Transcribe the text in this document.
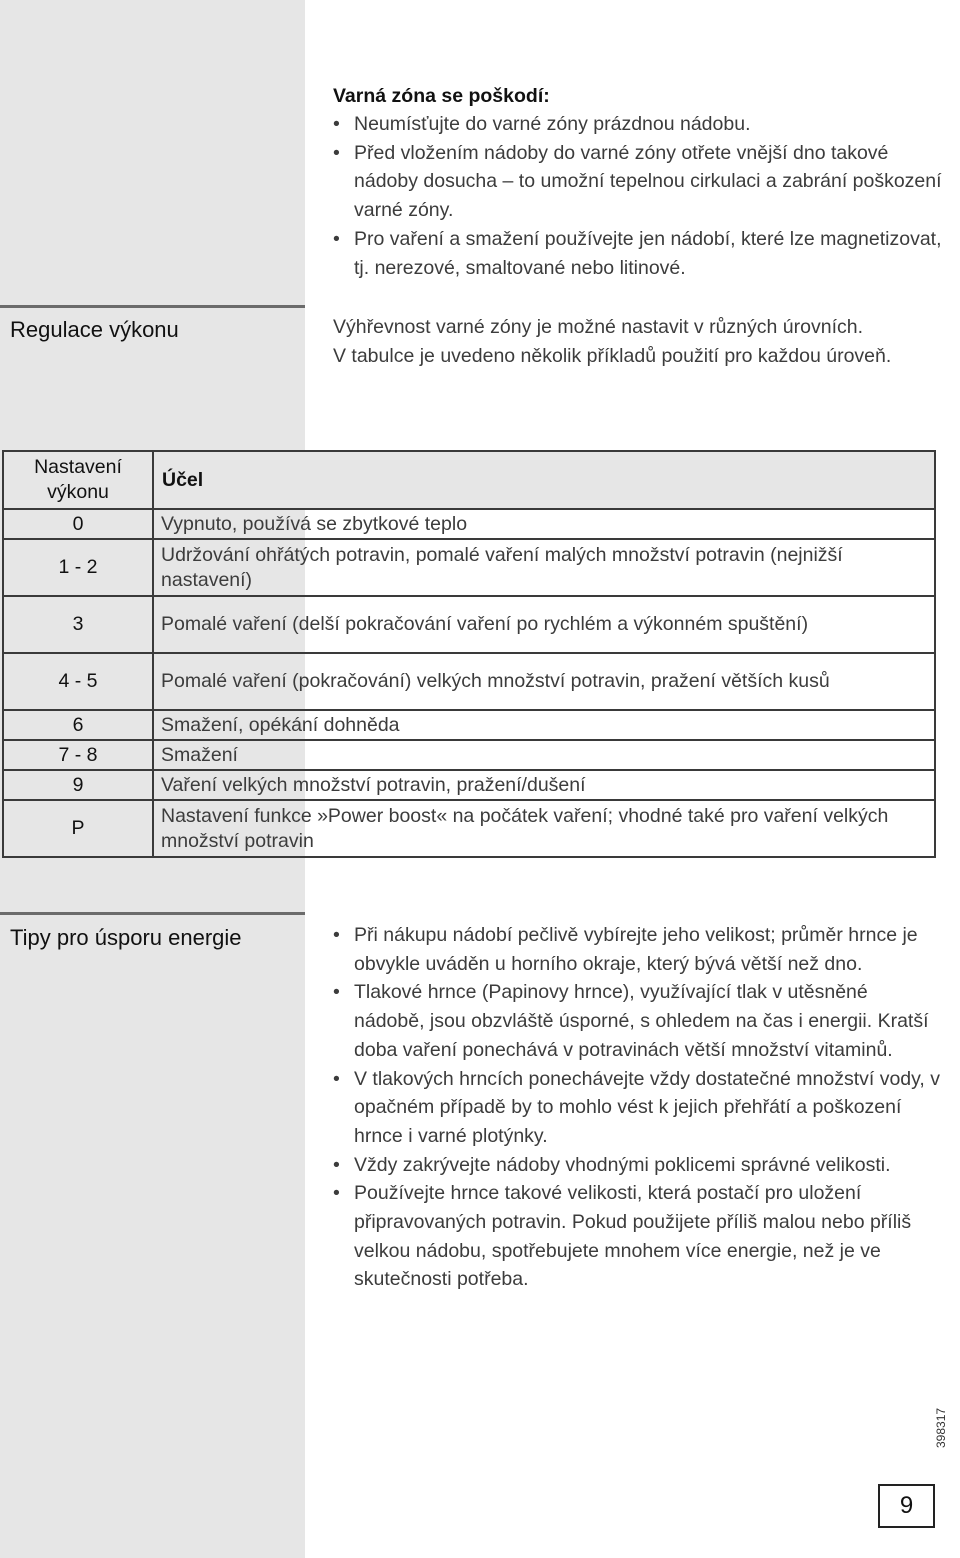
Varná zóna se poškodí:
• Neumísťujte do varné zóny prázdnou nádobu.
• Před vložením nádoby do varné zóny otřete vnější dno takové nádoby dosucha – to umožní tepelnou cirkulaci a zabrání poškození varné zóny.
• Pro vaření a smažení používejte jen nádobí, které lze magnetizovat, tj. nerezové, smaltované nebo litinové.
Regulace výkonu	Výhřevnost varné zóny je možné nastavit v různých úrovních.

V tabulce je uvedeno několik příkladů použití pro každou úroveň.

Nastavení výkonu	Účel
0	Vypnuto, používá se zbytkové teplo
1 - 2	Udržování ohřátých potravin, pomalé vaření malých množství potravin (nejnižší nastavení)
3	Pomalé vaření (delší pokračování vaření po rychlém a výkonném spuštění)
4 - 5	Pomalé vaření (pokračování) velkých množství potravin, pražení větších kusů
6	Smažení, opékání dohněda
7 - 8	Smažení
9	Vaření velkých množství potravin, pražení/dušení
P	Nastavení funkce »Power boost« na počátek vaření; vhodné také pro vaření velkých množství potravin
Tipy pro úsporu energie	• Při nákupu nádobí pečlivě vybírejte jeho velikost; průměr hrnce je obvykle uváděn u horního okraje, který bývá větší než dno.
• Tlakové hrnce (Papinovy hrnce), využívající tlak v utěsněné nádobě, jsou obzvláště úsporné, s ohledem na čas i energii. Kratší doba vaření ponechává v potravinách větší množství vitaminů.
• V tlakových hrncích ponechávejte vždy dostatečné množství vody, v opačném případě by to mohlo vést k jejich přehřátí a poškození hrnce i varné plotýnky.
• Vždy zakrývejte nádoby vhodnými poklicemi správné velikosti.
• Používejte hrnce takové velikosti, která postačí pro uložení připravovaných potravin. Pokud použijete příliš malou nebo příliš velkou nádobu, spotřebujete mnohem více energie, než je ve skutečnosti potřeba.
398317
9
